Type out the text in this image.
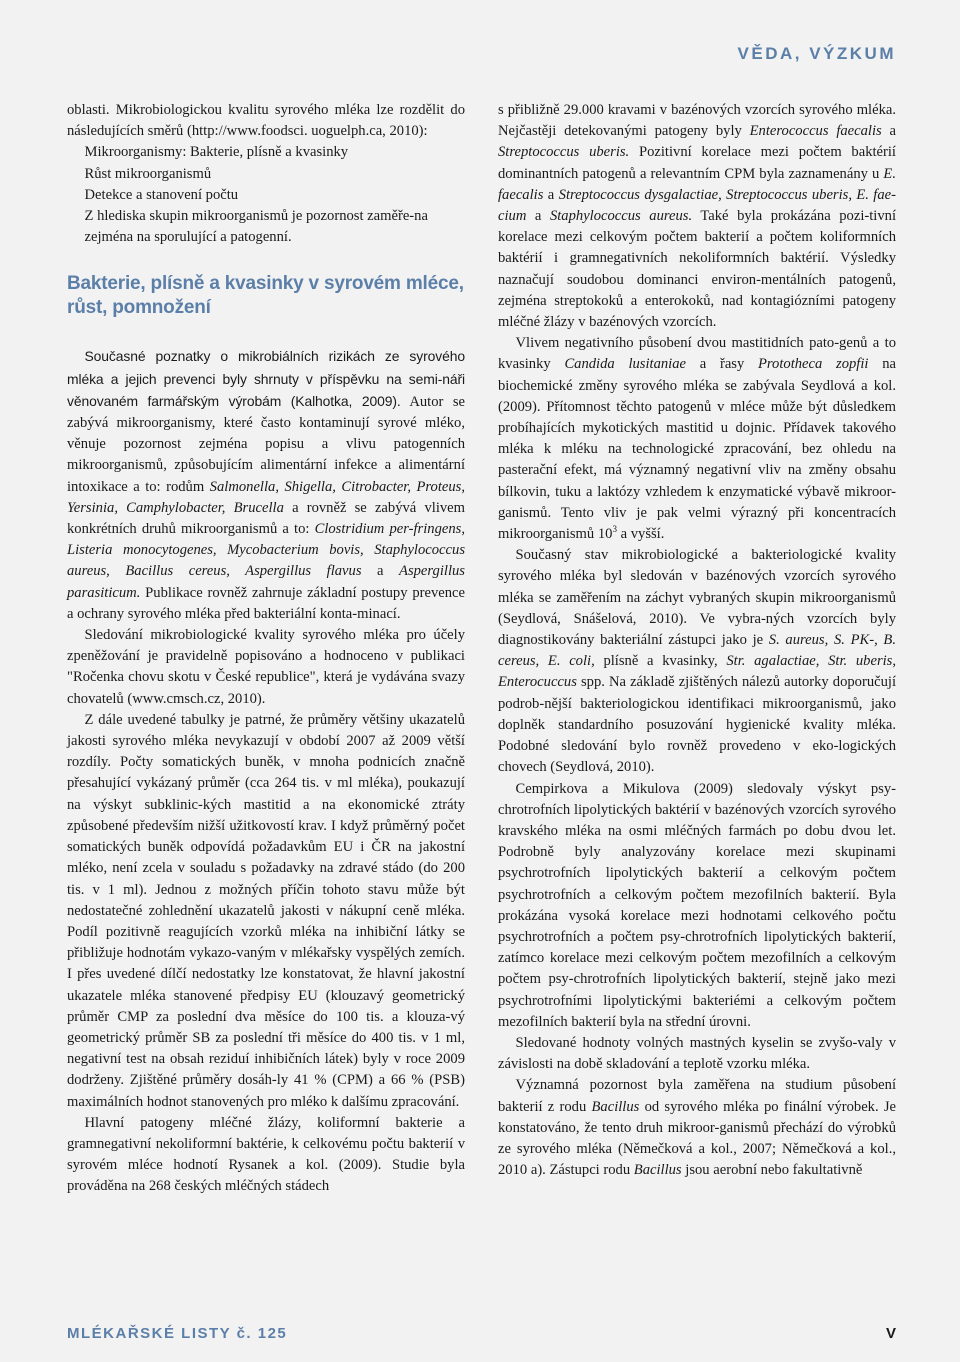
VĚDA, VÝZKUM

oblasti. Mikrobiologickou kvalitu syrového mléka lze rozdělit do následujících směrů (http://www.foodsci. uoguelph.ca, 2010):

Mikroorganismy: Bakterie, plísně a kvasinky

Růst mikroorganismů

Detekce a stanovení počtu

Z hlediska skupin mikroorganismů je pozornost zaměře-na zejména na sporulující a patogenní.

Bakterie, plísně a kvasinky v syrovém mléce, růst, pomnožení

Současné poznatky o mikrobiálních rizikách ze syrového mléka a jejich prevenci byly shrnuty v příspěvku na semi-náři věnovaném farmářským výrobám (Kalhotka, 2009). Autor se zabývá mikroorganismy, které často kontaminují syrové mléko, věnuje pozornost zejména popisu a vlivu patogenních mikroorganismů, způsobujícím alimentární infekce a alimentární intoxikace a to: rodům Salmonella, Shigella, Citrobacter, Proteus, Yersinia, Camphylobacter, Brucella a rovněž se zabývá vlivem konkrétních druhů mikroorganismů a to: Clostridium per-fringens, Listeria monocytogenes, Mycobacterium bovis, Staphylococcus aureus, Bacillus cereus, Aspergillus flavus a Aspergillus parasiticum. Publikace rovněž zahrnuje základní postupy prevence a ochrany syrového mléka před bakteriální konta-minací.

Sledování mikrobiologické kvality syrového mléka pro účely zpeněžování je pravidelně popisováno a hodnoceno v publikaci "Ročenka chovu skotu v České republice", která je vydávána svazy chovatelů (www.cmsch.cz, 2010).

Z dále uvedené tabulky je patrné, že průměry většiny ukazatelů jakosti syrového mléka nevykazují v období 2007 až 2009 větší rozdíly. Počty somatických buněk, v mnoha podnicích značně přesahující vykázaný průměr (cca 264 tis. v ml mléka), poukazují na výskyt subklinic-kých mastitid a na ekonomické ztráty způsobené především nižší užitkovostí krav. I když průměrný počet somatických buněk odpovídá požadavkům EU i ČR na jakostní mléko, není zcela v souladu s požadavky na zdravé stádo (do 200 tis. v 1 ml). Jednou z možných příčin tohoto stavu může být nedostatečné zohlednění ukazatelů jakosti v nákupní ceně mléka. Podíl pozitivně reagujících vzorků mléka na inhibiční látky se přibližuje hodnotám vykazo-vaným v mlékařsky vyspělých zemích. I přes uvedené dílčí nedostatky lze konstatovat, že hlavní jakostní ukazatele mléka stanovené předpisy EU (klouzavý geometrický průměr CMP za poslední dva měsíce do 100 tis. a klouza-vý geometrický průměr SB za poslední tři měsíce do 400 tis. v 1 ml, negativní test na obsah reziduí inhibičních látek) byly v roce 2009 dodrženy. Zjištěné průměry dosáh-ly 41 % (CPM) a 66 % (PSB) maximálních hodnot stanovených pro mléko k dalšímu zpracování.

Hlavní patogeny mléčné žlázy, koliformní bakterie a gramnegativní nekoliformní baktérie, k celkovému počtu bakterií v syrovém mléce hodnotí Rysanek a kol. (2009). Studie byla prováděna na 268 českých mléčných stádech

s přibližně 29.000 kravami v bazénových vzorcích syrového mléka. Nejčastěji detekovanými patogeny byly Enterococcus faecalis a Streptococcus uberis. Pozitivní korelace mezi počtem baktérií dominantních patogenů a relevantním CPM byla zaznamenány u E. faecalis a Streptococcus dysgalactiae, Streptococcus uberis, E. fae-cium a Staphylococcus aureus. Také byla prokázána pozi-tivní korelace mezi celkovým počtem bakterií a počtem koliformních baktérií i gramnegativních nekoliformních baktérií. Výsledky naznačují soudobou dominanci environ-mentálních patogenů, zejména streptokoků a enterokoků, nad kontagiózními patogeny mléčné žlázy v bazénových vzorcích.

Vlivem negativního působení dvou mastitidních pato-genů a to kvasinky Candida lusitaniae a řasy Prototheca zopfii na biochemické změny syrového mléka se zabývala Seydlová a kol. (2009). Přítomnost těchto patogenů v mléce může být důsledkem probíhajících mykotických mastitid u dojnic. Přídavek takového mléka k mléku na technologické zpracování, bez ohledu na pasterační efekt, má významný negativní vliv na změny obsahu bílkovin, tuku a laktózy vzhledem k enzymatické výbavě mikroor-ganismů. Tento vliv je pak velmi výrazný při koncentracích mikroorganismů $10^3$ a vyšší.

Současný stav mikrobiologické a bakteriologické kvality syrového mléka byl sledován v bazénových vzorcích syrového mléka se zaměřením na záchyt vybraných skupin mikroorganismů (Seydlová, Snášelová, 2010). Ve vybra-ných vzorcích byly diagnostikovány bakteriální zástupci jako je S. aureus, S. PK-, B. cereus, E. coli, plísně a kvasinky, Str. agalactiae, Str. uberis, Enterocuccus spp. Na základě zjištěných nálezů autorky doporučují podrob-nější bakteriologickou identifikaci mikroorganismů, jako doplněk standardního posuzování hygienické kvality mléka. Podobné sledování bylo rovněž provedeno v eko-logických chovech (Seydlová, 2010).

Cempirkova a Mikulova (2009) sledovaly výskyt psy-chrotrofních lipolytických baktérií v bazénových vzorcích syrového kravského mléka na osmi mléčných farmách po dobu dvou let. Podrobně byly analyzovány korelace mezi skupinami psychrotrofních lipolytických bakterií a celkovým počtem psychrotrofních a celkovým počtem mezofilních bakterií. Byla prokázána vysoká korelace mezi hodnotami celkového počtu psychrotrofních a počtem psy-chrotrofních lipolytických bakterií, zatímco korelace mezi celkovým počtem mezofilních a celkovým počtem psy-chrotrofních lipolytických bakterií, stejně jako mezi psychrotrofními lipolytickými bakteriémi a celkovým počtem mezofilních bakterií byla na střední úrovni.

Sledované hodnoty volných mastných kyselin se zvyšo-valy v závislosti na době skladování a teplotě vzorku mléka.

Významná pozornost byla zaměřena na studium působení bakterií z rodu Bacillus od syrového mléka po finální výrobek. Je konstatováno, že tento druh mikroor-ganismů přechází do výrobků ze syrového mléka (Němečková a kol., 2007; Němečková a kol., 2010 a). Zástupci rodu Bacillus jsou aerobní nebo fakultativně

MLÉKAŘSKÉ LISTY č. 125	V
